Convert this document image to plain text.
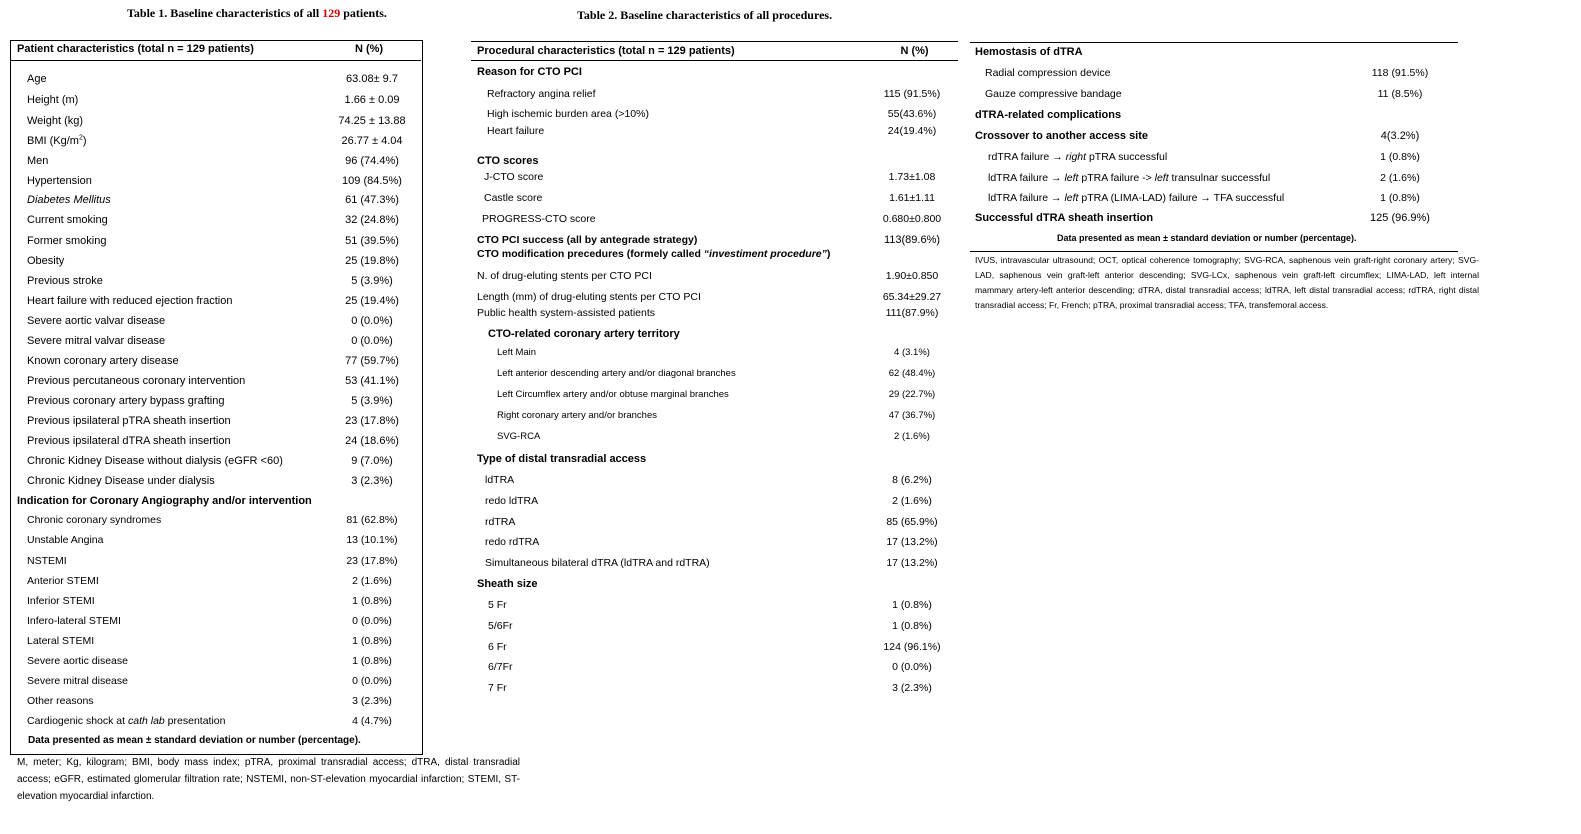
Table 1. Baseline characteristics of all 129 patients.
Patient characteristics (total n = 129 patients)	N (%)
Age	63.08± 9.7
Height (m)	1.66 ± 0.09
Weight (kg)	74.25 ± 13.88
BMI $(Kg/m^2)$	26.77 ± 4.04
Men	96 (74.4%)
Hypertension	109 (84.5%)
Diabetes Mellitus	61 (47.3%)
Current smoking	32 (24.8%)
Former smoking	51 (39.5%)
Obesity	25 (19.8%)
Previous stroke	5 (3.9%)
Heart failure with reduced ejection fraction	25 (19.4%)
Severe aortic valvar disease	0 (0.0%)
Severe mitral valvar disease	0 (0.0%)
Known coronary artery disease	77 (59.7%)
Previous percutaneous coronary intervention	53 (41.1%)
Previous coronary artery bypass grafting	5 (3.9%)
Previous ipsilateral pTRA sheath insertion	23 (17.8%)
Previous ipsilateral dTRA sheath insertion	24 (18.6%)
Chronic Kidney Disease without dialysis (eGFR <60)	9 (7.0%)
Chronic Kidney Disease under dialysis	3 (2.3%)
Indication for Coronary Angiography and/or intervention
Chronic coronary syndromes	81 (62.8%)
Unstable Angina	13 (10.1%)
NSTEMI	23 (17.8%)
Anterior STEMI	2 (1.6%)
Inferior STEMI	1 (0.8%)
Infero-lateral STEMI	0 (0.0%)
Lateral STEMI	1 (0.8%)
Severe aortic disease	1 (0.8%)
Severe mitral disease	0 (0.0%)
Other reasons	3 (2.3%)
Cardiogenic shock at cath lab presentation	4 (4.7%)
Data presented as mean ± standard deviation or number (percentage).
M, meter; Kg, kilogram; BMI, body mass index; pTRA, proximal transradial access; dTRA, distal transradial access; eGFR, estimated glomerular filtration rate; NSTEMI, non-ST-elevation myocardial infarction; STEMI, ST-elevation myocardial infarction.
Table 2. Baseline characteristics of all procedures.
Procedural characteristics (total n = 129 patients)	N (%)
Reason for CTO PCI
Refractory angina relief	115 (91.5%)
High ischemic burden area (>10%)	55(43.6%)
Heart failure	24(19.4%)
CTO scores
J-CTO score	1.73±1.08
Castle score	1.61±1.11
PROGRESS-CTO score	0.680±0.800
CTO PCI success (all by antegrade strategy)	113(89.6%)
CTO modification precedures (formely called “investiment procedure”)
N. of drug-eluting stents per CTO PCI	1.90±0.850
Length (mm) of drug-eluting stents per CTO PCI	65.34±29.27
Public health system-assisted patients	111(87.9%)
CTO-related coronary artery territory
Left Main	4 (3.1%)
Left anterior descending artery and/or diagonal branches	62 (48.4%)
Left Circumflex artery and/or obtuse marginal branches	29 (22.7%)
Right coronary artery and/or branches	47 (36.7%)
SVG-RCA	2 (1.6%)
Type of distal transradial access
ldTRA	8 (6.2%)
redo ldTRA	2 (1.6%)
rdTRA	85 (65.9%)
redo rdTRA	17 (13.2%)
Simultaneous bilateral dTRA (ldTRA and rdTRA)	17 (13.2%)
Sheath size
5 Fr	1 (0.8%)
5/6Fr	1 (0.8%)
6 Fr	124 (96.1%)
6/7Fr	0 (0.0%)
7 Fr	3 (2.3%)
Hemostasis of dTRA
Radial compression device	118 (91.5%)
Gauze compressive bandage	11 (8.5%)
dTRA-related complications
Crossover to another access site	4(3.2%)
rdTRA failure → right pTRA successful	1 (0.8%)
ldTRA failure → left pTRA failure -> left transulnar successful	2 (1.6%)
ldTRA failure → left pTRA (LIMA-LAD) failure → TFA successful	1 (0.8%)
Successful dTRA sheath insertion	125 (96.9%)
Data presented as mean ± standard deviation or number (percentage).
IVUS, intravascular ultrasound; OCT, optical coherence tomography; SVG-RCA, saphenous vein graft-right coronary artery; SVG-LAD, saphenous vein graft-left anterior descending; SVG-LCx, saphenous vein graft-left circumflex; LIMA-LAD, left internal mammary artery-left anterior descending; dTRA, distal transradial access; ldTRA, left distal transradial access; rdTRA, right distal transradial access; Fr, French; pTRA, proximal transradial access; TFA, transfemoral access.
